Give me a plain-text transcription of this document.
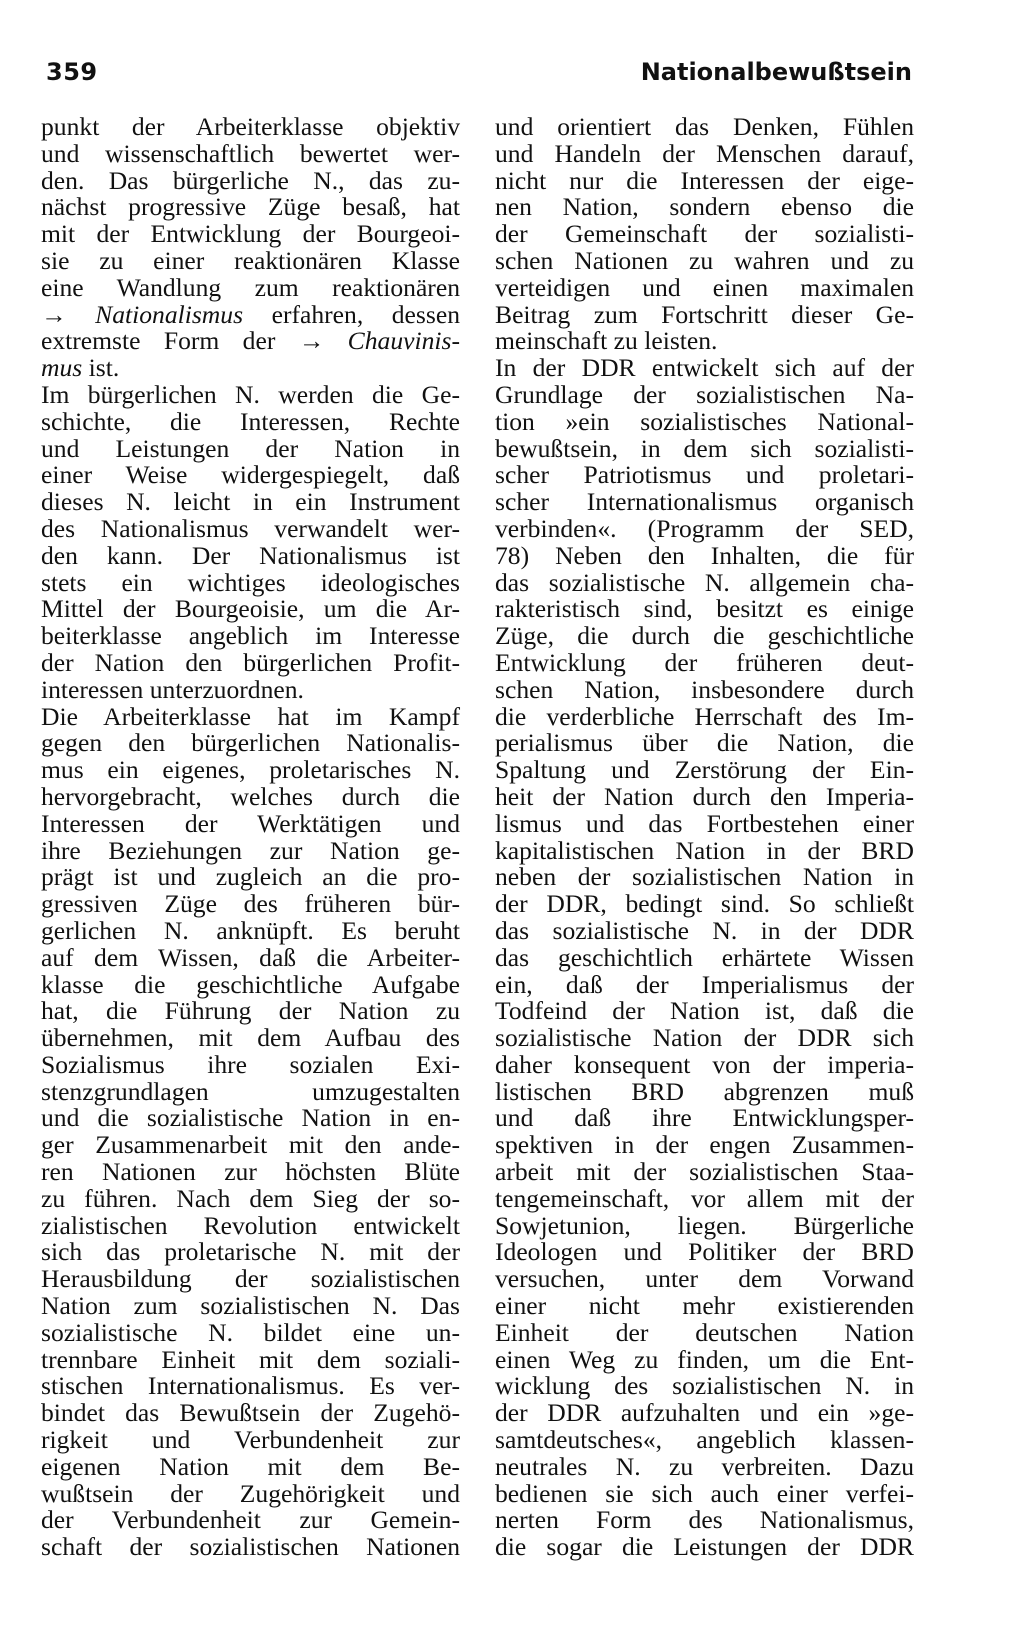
359	Nationalbewußtsein
punkt der Arbeiterklasse objektiv
und wissenschaftlich bewertet wer-
den. Das bürgerliche N., das zu-
nächst progressive Züge besaß, hat
mit der Entwicklung der Bourgeoi-
sie zu einer reaktionären Klasse
eine Wandlung zum reaktionären
→ Nationalismus erfahren, dessen
extremste Form der → Chauvinis-
mus ist.
Im bürgerlichen N. werden die Ge-
schichte, die Interessen, Rechte
und Leistungen der Nation in
einer Weise widergespiegelt, daß
dieses N. leicht in ein Instrument
des Nationalismus verwandelt wer-
den kann. Der Nationalismus ist
stets ein wichtiges ideologisches
Mittel der Bourgeoisie, um die Ar-
beiterklasse angeblich im Interesse
der Nation den bürgerlichen Profit-
interessen unterzuordnen.
Die Arbeiterklasse hat im Kampf
gegen den bürgerlichen Nationalis-
mus ein eigenes, proletarisches N.
hervorgebracht, welches durch die
Interessen der Werktätigen und
ihre Beziehungen zur Nation ge-
prägt ist und zugleich an die pro-
gressiven Züge des früheren bür-
gerlichen N. anknüpft. Es beruht
auf dem Wissen, daß die Arbeiter-
klasse die geschichtliche Aufgabe
hat, die Führung der Nation zu
übernehmen, mit dem Aufbau des
Sozialismus ihre sozialen Exi-
stenzgrundlagen umzugestalten
und die sozialistische Nation in en-
ger Zusammenarbeit mit den ande-
ren Nationen zur höchsten Blüte
zu führen. Nach dem Sieg der so-
zialistischen Revolution entwickelt
sich das proletarische N. mit der
Herausbildung der sozialistischen
Nation zum sozialistischen N. Das
sozialistische N. bildet eine un-
trennbare Einheit mit dem soziali-
stischen Internationalismus. Es ver-
bindet das Bewußtsein der Zugehö-
rigkeit und Verbundenheit zur
eigenen Nation mit dem Be-
wußtsein der Zugehörigkeit und
der Verbundenheit zur Gemein-
schaft der sozialistischen Nationen
und orientiert das Denken, Fühlen
und Handeln der Menschen darauf,
nicht nur die Interessen der eige-
nen Nation, sondern ebenso die
der Gemeinschaft der sozialisti-
schen Nationen zu wahren und zu
verteidigen und einen maximalen
Beitrag zum Fortschritt dieser Ge-
meinschaft zu leisten.
In der DDR entwickelt sich auf der
Grundlage der sozialistischen Na-
tion »ein sozialistisches National-
bewußtsein, in dem sich sozialisti-
scher Patriotismus und proletari-
scher Internationalismus organisch
verbinden«. (Programm der SED,
78) Neben den Inhalten, die für
das sozialistische N. allgemein cha-
rakteristisch sind, besitzt es einige
Züge, die durch die geschichtliche
Entwicklung der früheren deut-
schen Nation, insbesondere durch
die verderbliche Herrschaft des Im-
perialismus über die Nation, die
Spaltung und Zerstörung der Ein-
heit der Nation durch den Imperia-
lismus und das Fortbestehen einer
kapitalistischen Nation in der BRD
neben der sozialistischen Nation in
der DDR, bedingt sind. So schließt
das sozialistische N. in der DDR
das geschichtlich erhärtete Wissen
ein, daß der Imperialismus der
Todfeind der Nation ist, daß die
sozialistische Nation der DDR sich
daher konsequent von der imperia-
listischen BRD abgrenzen muß
und daß ihre Entwicklungsper-
spektiven in der engen Zusammen-
arbeit mit der sozialistischen Staa-
tengemeinschaft, vor allem mit der
Sowjetunion, liegen. Bürgerliche
Ideologen und Politiker der BRD
versuchen, unter dem Vorwand
einer nicht mehr existierenden
Einheit der deutschen Nation
einen Weg zu finden, um die Ent-
wicklung des sozialistischen N. in
der DDR aufzuhalten und ein »ge-
samtdeutsches«, angeblich klassen-
neutrales N. zu verbreiten. Dazu
bedienen sie sich auch einer verfei-
nerten Form des Nationalismus,
die sogar die Leistungen der DDR
